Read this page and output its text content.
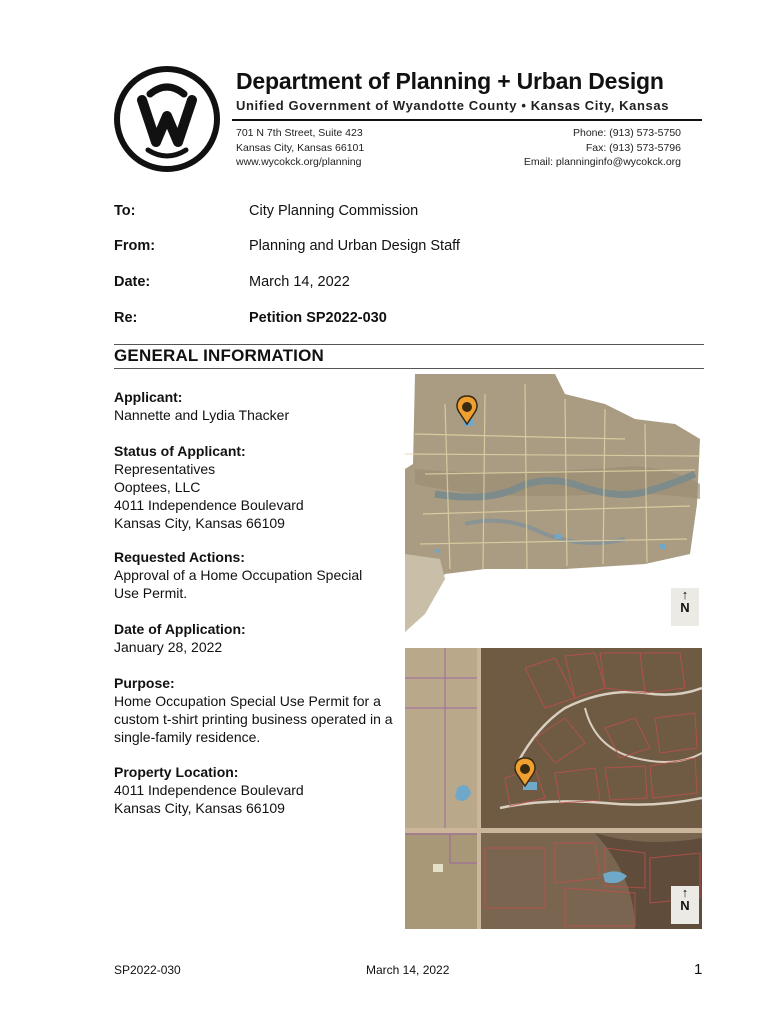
Department of Planning + Urban Design
Unified Government of Wyandotte County • Kansas City, Kansas
701 N 7th Street, Suite 423
Kansas City, Kansas 66101
www.wycokck.org/planning
Phone: (913) 573-5750
Fax: (913) 573-5796
Email: planninginfo@wycokck.org
To:	City Planning Commission
From:	Planning and Urban Design Staff
Date:	March 14, 2022
Re:	Petition SP2022-030
GENERAL INFORMATION
Applicant:
Nannette and Lydia Thacker
Status of Applicant:
Representatives
Ooptees, LLC
4011 Independence Boulevard
Kansas City, Kansas 66109
Requested Actions:
Approval of a Home Occupation Special Use Permit.
Date of Application:
January 28, 2022
Purpose:
Home Occupation Special Use Permit for a custom t-shirt printing business operated in a single-family residence.
Property Location:
4011 Independence Boulevard
Kansas City, Kansas 66109
↑
N
↑
N
SP2022-030	March 14, 2022	1
